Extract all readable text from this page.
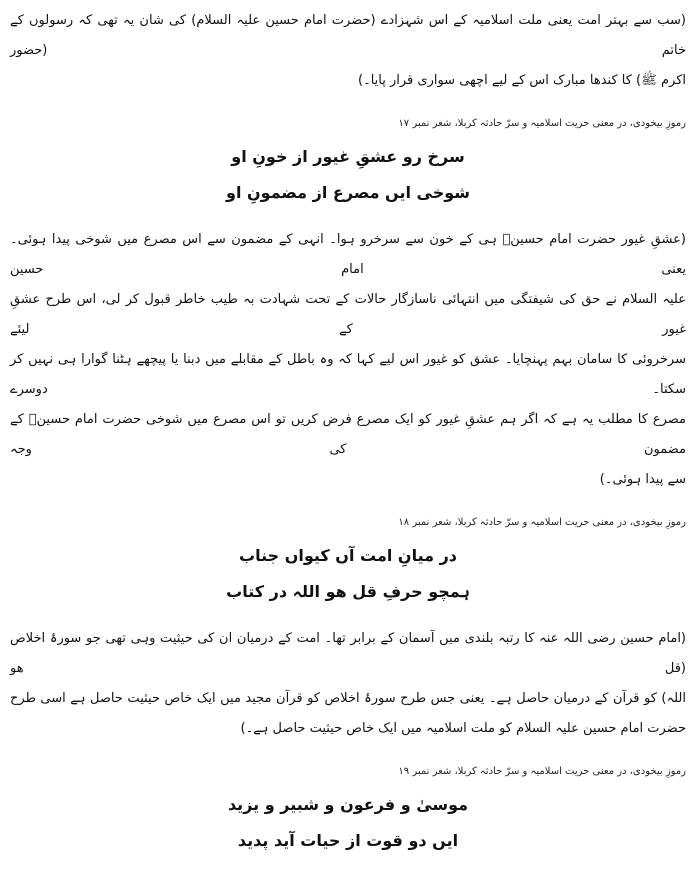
(سب سے بہتر امت یعنی ملت اسلامیہ کے اس شہزادے (حضرت امام حسین علیہ السلام) کی شان یہ تھی کہ رسولوں کے خاتم (حضور
اکرم ﷺ) کا کندھا مبارک اس کے لیے اچھی سواری قرار پایا۔)
رموزِ بیخودی، در معنی حریت اسلامیہ و سرّ حادثہ کربلا، شعر نمبر ۱۷
سرخ رو عشقِ غیور از خونِ او
شوخی ایں مصرع از مضمونِ او
(عشقِ غیور حضرت امام حسینؓ ہی کے خون سے سرخرو ہوا۔ انہی کے مضمون سے اس مصرع میں شوخی پیدا ہوئی۔ یعنی امام حسین
علیہ السلام نے حق کی شیفتگی میں انتہائی ناسازگار حالات کے تحت شہادت بہ طیب خاطر قبول کر لی، اس طرح عشقِ غیور کے لیئے
سرخروئی کا سامان بہم پہنچایا۔ عشق کو غیور اس لیے کہا کہ وہ باطل کے مقابلے میں دبنا یا پیچھے ہٹنا گوارا ہی نہیں کر سکتا۔ دوسرے
مصرع کا مطلب یہ ہے کہ اگر ہم عشقِ غیور کو ایک مصرع فرض کریں تو اس مصرع میں شوخی حضرت امام حسینؓ کے مضمون کی وجہ
سے پیدا ہوئی۔)
رموزِ بیخودی، در معنی حریت اسلامیہ و سرّ حادثہ کربلا، شعر نمبر ۱۸
در میانِ امت آں کیواں جناب
ہمچو حرفِ قل ھو اللہ در کتاب
(امام حسین رضی اللہ عنہ کا رتبہ بلندی میں آسمان کے برابر تھا۔ امت کے درمیان ان کی حیثیت وہی تھی جو سورۂ اخلاص (قل ھو
اللہ) کو قرآن کے درمیان حاصل ہے۔ یعنی جس طرح سورۂ اخلاص کو قرآن مجید میں ایک خاص حیثیت حاصل ہے اسی طرح
حضرت امام حسین علیہ السلام کو ملت اسلامیہ میں ایک خاص حیثیت حاصل ہے۔)
رموزِ بیخودی، در معنی حریت اسلامیہ و سرّ حادثہ کربلا، شعر نمبر ۱۹
موسیٰ و فرعون و شبیر و یزید
ایں دو قوت از حیات آید پدید
